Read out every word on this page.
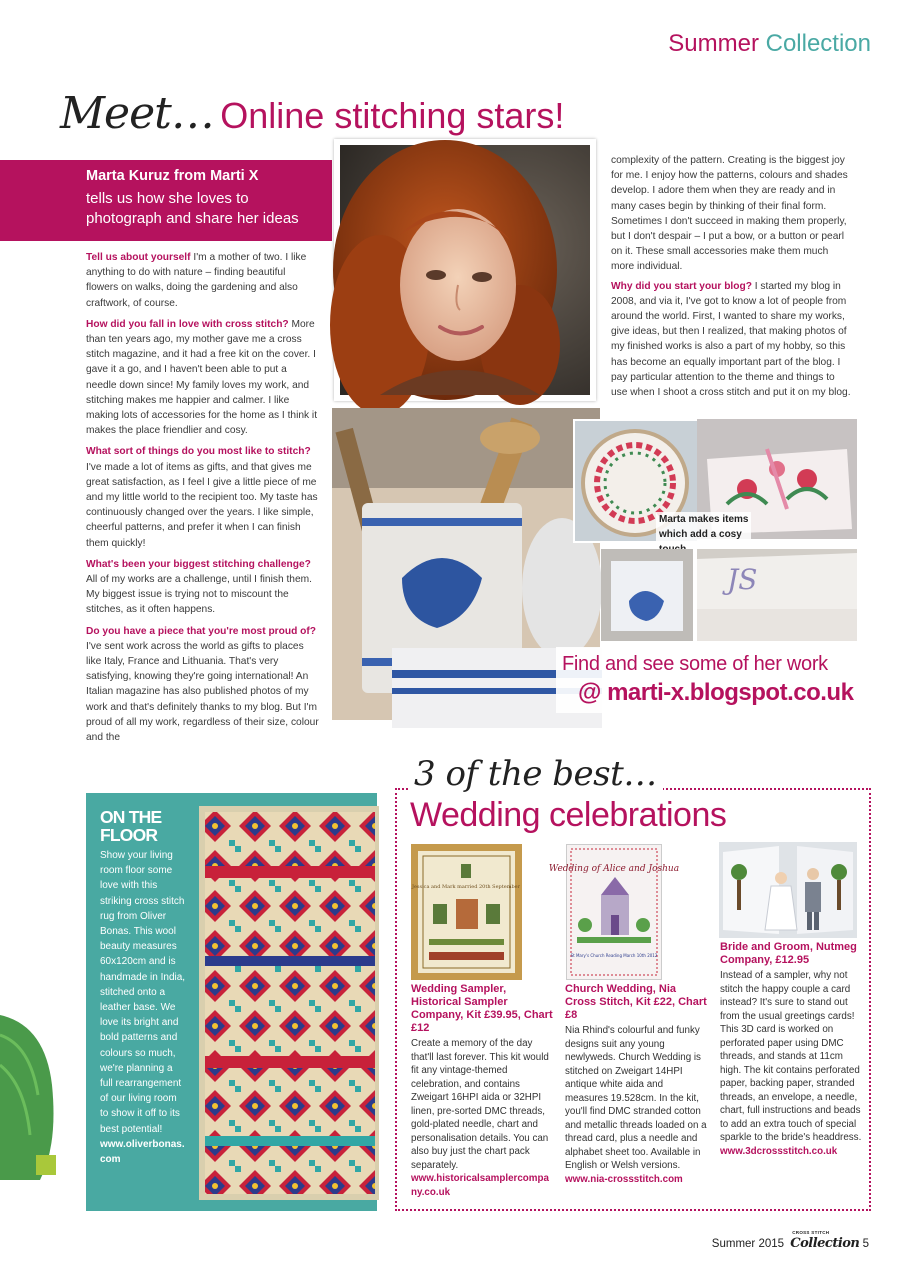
Summer Collection
Meet… Online stitching stars!
Marta Kuruz from Marti X
tells us how she loves to photograph and share her ideas

Tell us about yourself I'm a mother of two. I like anything to do with nature – finding beautiful flowers on walks, doing the gardening and also craftwork, of course.

How did you fall in love with cross stitch? More than ten years ago, my mother gave me a cross stitch magazine, and it had a free kit on the cover. I gave it a go, and I haven't been able to put a needle down since! My family loves my work, and stitching makes me happier and calmer. I like making lots of accessories for the home as I think it makes the place friendlier and cosy.

What sort of things do you most like to stitch? I've made a lot of items as gifts, and that gives me great satisfaction, as I feel I give a little piece of me and my little world to the recipient too. My taste has continuously changed over the years. I like simple, cheerful patterns, and prefer it when I can finish them quickly!

What's been your biggest stitching challenge? All of my works are a challenge, until I finish them. My biggest issue is trying not to miscount the stitches, as it often happens.

Do you have a piece that you're most proud of? I've sent work across the world as gifts to places like Italy, France and Lithuania. That's very satisfying, knowing they're going international! An Italian magazine has also published photos of my work and that's definitely thanks to my blog. But I'm proud of all my work, regardless of their size, colour and the

complexity of the pattern. Creating is the biggest joy for me. I enjoy how the patterns, colours and shades develop. I adore them when they are ready and in many cases begin by thinking of their final form. Sometimes I don't succeed in making them properly, but I don't despair – I put a bow, or a button or pearl on it. These small accessories make them much more individual.

Why did you start your blog? I started my blog in 2008, and via it, I've got to know a lot of people from around the world. First, I wanted to share my works, give ideas, but then I realized, that making photos of my finished works is also a part of my hobby, so this has become an equally important part of the blog. I pay particular attention to the theme and things to use when I shoot a cross stitch and put it on my blog.

Marta makes items which add a cosy
JS
Find and see some of her work
@ marti-x.blogspot.co.uk
ON THE FLOOR
Show your living room floor some love with this striking cross stitch rug from Oliver Bonas. This wool beauty measures 60x120cm and is handmade in India, stitched onto a leather base. We love its bright and bold patterns and colours so much, we're planning a full rearrangement of our living room to show it off to its best potential!
www.oliverbonas.com
3 of the best…
Wedding celebrations
Jessica and Mark married 20th September
Wedding of Alice and Joshua
St Mary's Church Reading March 10th 2012

Wedding Sampler, Historical Sampler Company, Kit £39.95, Chart £12

Create a memory of the day that'll last forever. This kit would fit any vintage-themed celebration, and contains Zweigart 16HPI aida or 32HPI linen, pre-sorted DMC threads, gold-plated needle, chart and personalisation details. You can also buy just the chart pack separately.

www.historicalsamplercompany.co.uk

Church Wedding, Nia Cross Stitch, Kit £22, Chart £8

Nia Rhind's colourful and funky designs suit any young newlyweds. Church Wedding is stitched on Zweigart 14HPI antique white aida and measures 19.528cm. In the kit, you'll find DMC stranded cotton and metallic threads loaded on a thread card, plus a needle and alphabet sheet too. Available in English or Welsh versions.

www.nia-crossstitch.com

Bride and Groom, Nutmeg Company, £12.95

Instead of a sampler, why not stitch the happy couple a card instead? It's sure to stand out from the usual greetings cards! This 3D card is worked on perforated paper using DMC threads, and stands at 11cm high. The kit contains perforated paper, backing paper, stranded threads, an envelope, a needle, chart, full instructions and beads to add an extra touch of special sparkle to the bride's headdress.

www.3dcrossstitch.co.uk

Summer 2015
CROSS STITCH
Collection 5
